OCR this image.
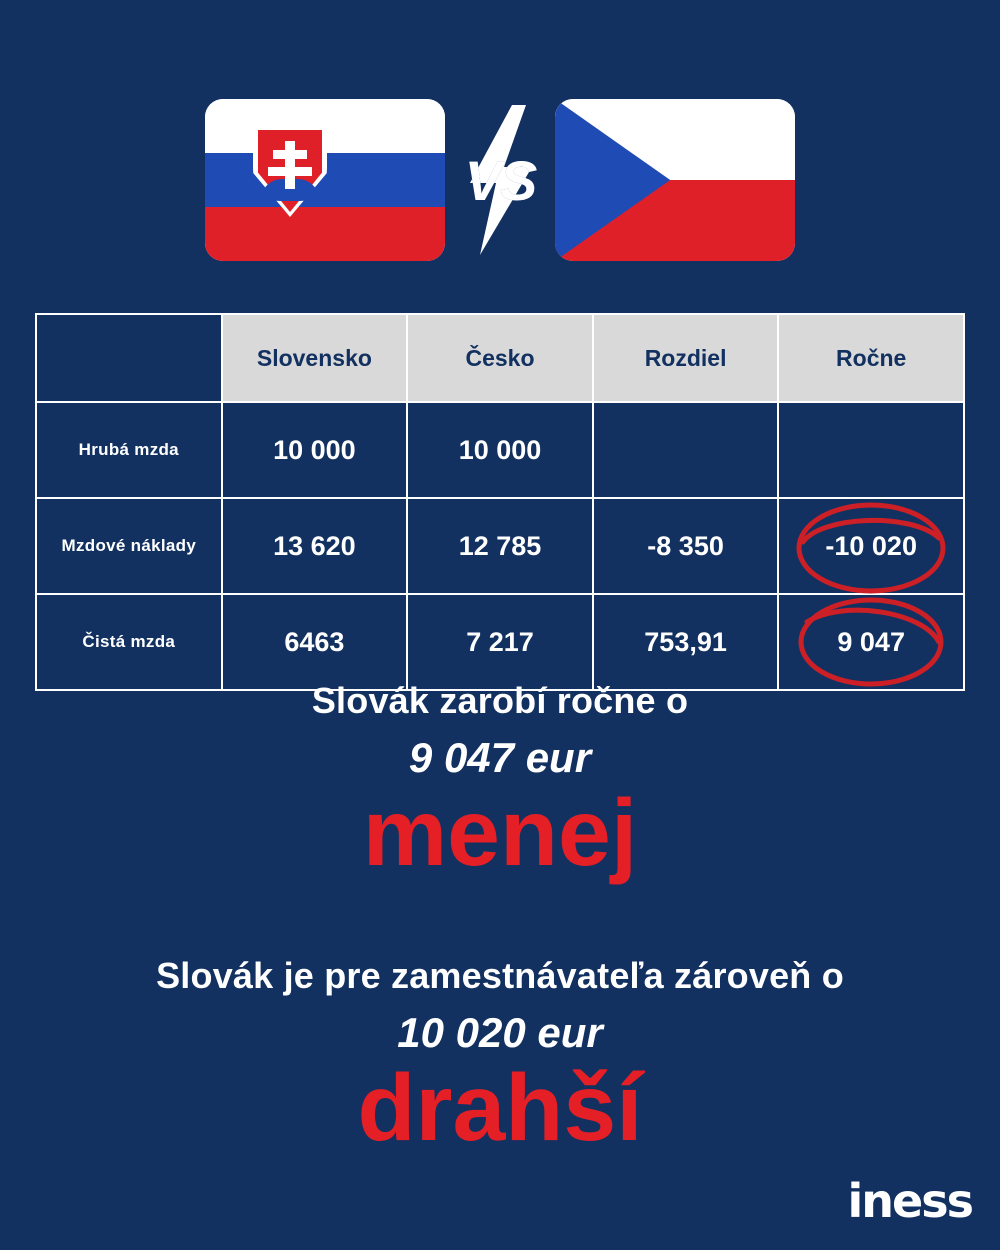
VS
	Slovensko	Česko	Rozdiel	Ročne
Hrubá mzda	10 000	10 000		
Mzdové náklady	13 620	12 785	-8 350	-10 020
Čistá mzda	6463	7 217	753,91	9 047
Slovák zarobí ročne o
9 047 eur
menej
Slovák je pre zamestnávateľa zároveň o
10 020 eur
drahší
iness
